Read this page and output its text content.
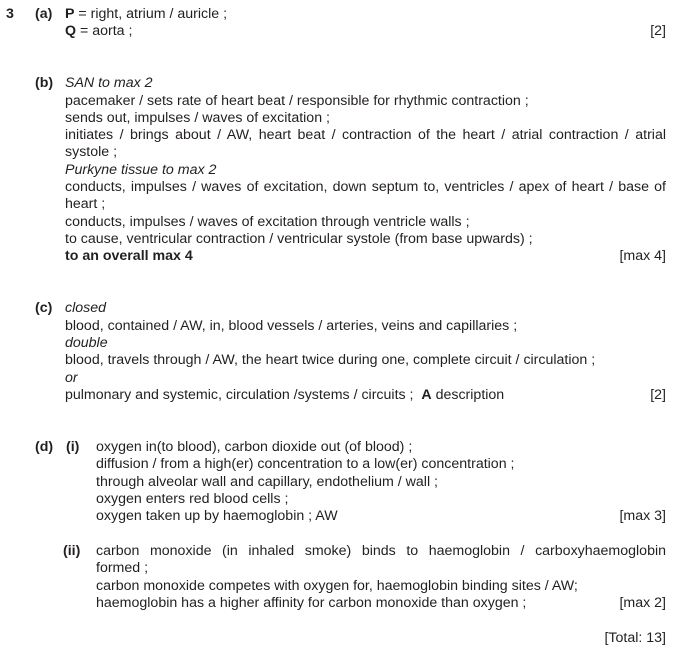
3 (a) P = right, atrium / auricle ;
Q = aorta ;	[2]
(b) SAN to max 2
pacemaker / sets rate of heart beat / responsible for rhythmic contraction ;
sends out, impulses / waves of excitation ;
initiates / brings about / AW, heart beat / contraction of the heart / atrial contraction / atrial
systole ;
Purkyne tissue to max 2
conducts, impulses / waves of excitation, down septum to, ventricles / apex of heart / base of
heart ;
conducts, impulses / waves of excitation through ventricle walls ;
to cause, ventricular contraction / ventricular systole (from base upwards) ;
to an overall max 4	[max 4]
(c) closed
blood, contained / AW, in, blood vessels / arteries, veins and capillaries ;
double
blood, travels through / AW, the heart twice during one, complete circuit / circulation ;
or
pulmonary and systemic, circulation /systems / circuits ; A description	[2]
(d) (i) oxygen in(to blood), carbon dioxide out (of blood) ;
diffusion / from a high(er) concentration to a low(er) concentration ;
through alveolar wall and capillary, endothelium / wall ;
oxygen enters red blood cells ;
oxygen taken up by haemoglobin ; AW	[max 3]
(ii) carbon monoxide (in inhaled smoke) binds to haemoglobin / carboxyhaemoglobin
formed ;
carbon monoxide competes with oxygen for, haemoglobin binding sites / AW;
haemoglobin has a higher affinity for carbon monoxide than oxygen ;	[max 2]
[Total: 13]
